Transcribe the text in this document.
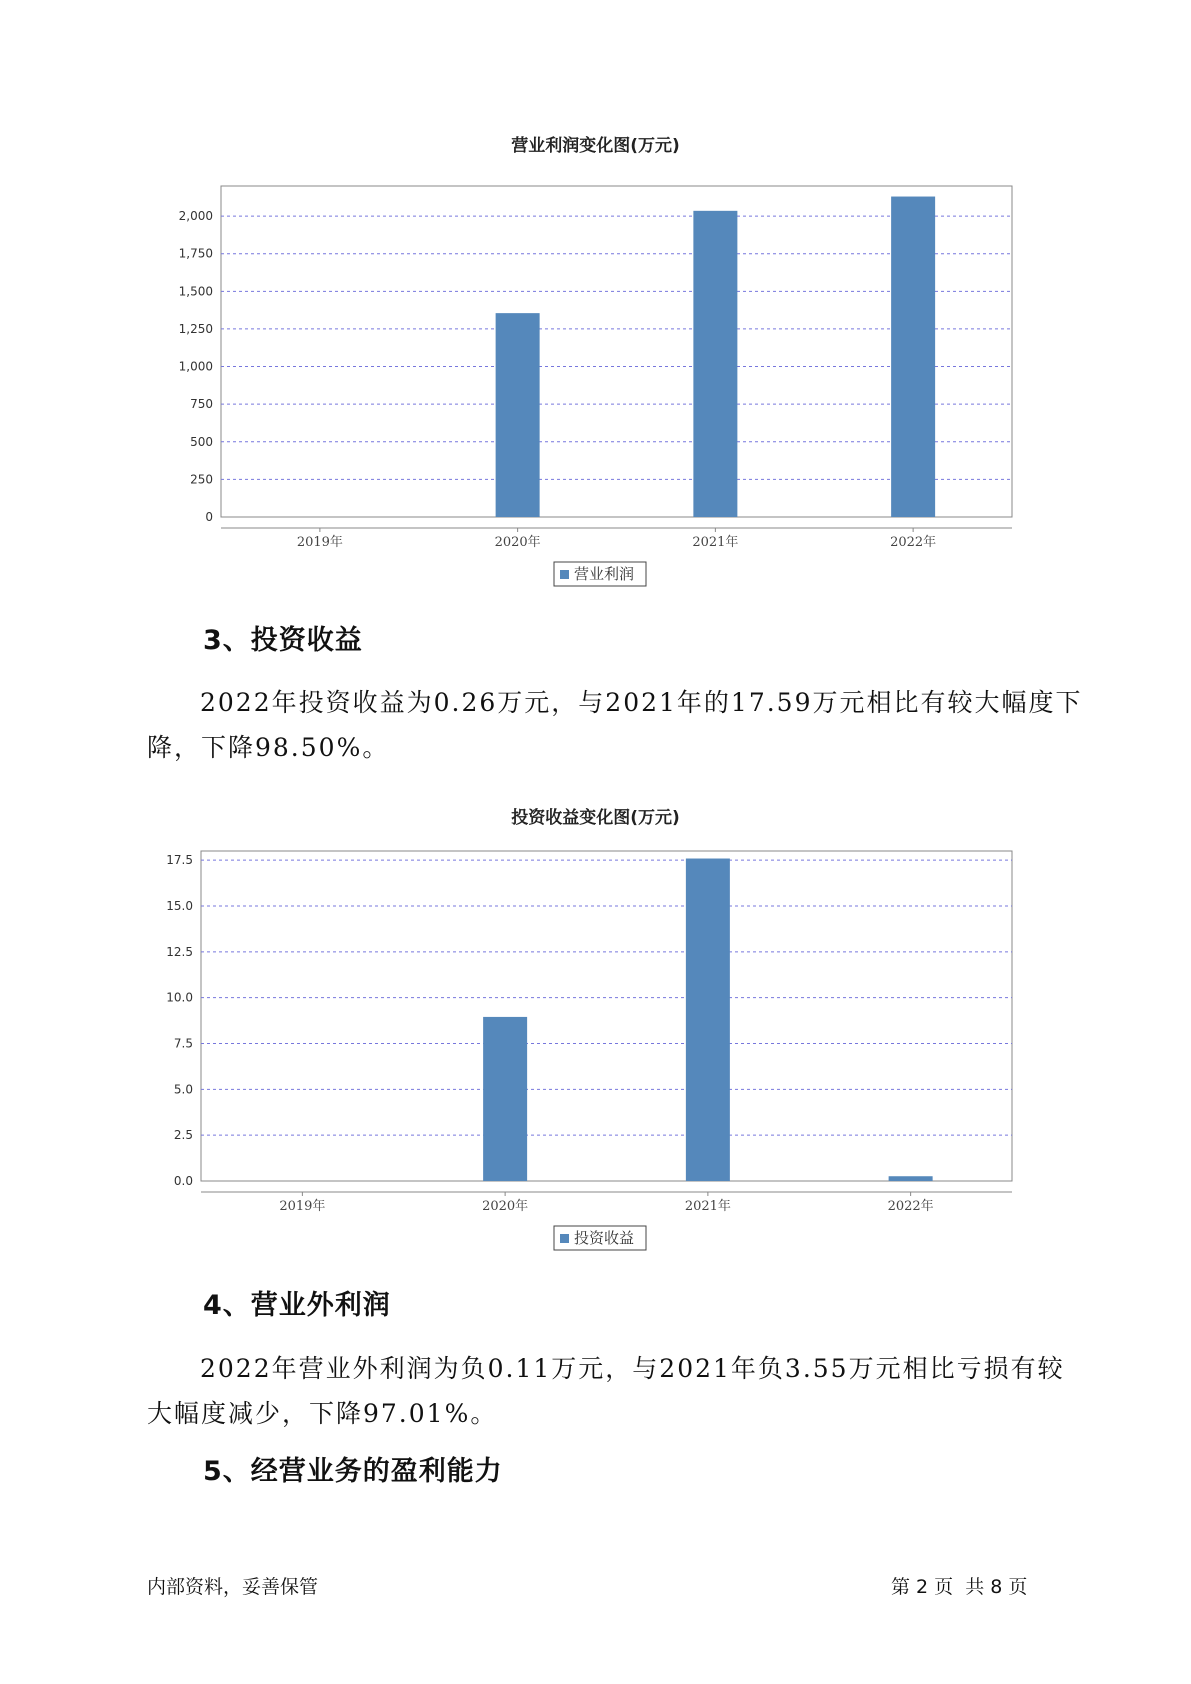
营业利润变化图(万元)
0
250
500
750
1,000
1,250
1,500
1,750
2,000
2019年	2020年	2021年	2022年
营业利润
3、投资收益
2022年投资收益为0.26万元，与2021年的17.59万元相比有较大幅度下
降，下降98.50%。
投资收益变化图(万元)
0.0
2.5
5.0
7.5
10.0
12.5
15.0
17.5
2019年	2020年	2021年	2022年
投资收益
4、营业外利润
2022年营业外利润为负0.11万元，与2021年负3.55万元相比亏损有较
大幅度减少，下降97.01%。
5、经营业务的盈利能力
内部资料，妥善保管	第 2 页  共 8 页
